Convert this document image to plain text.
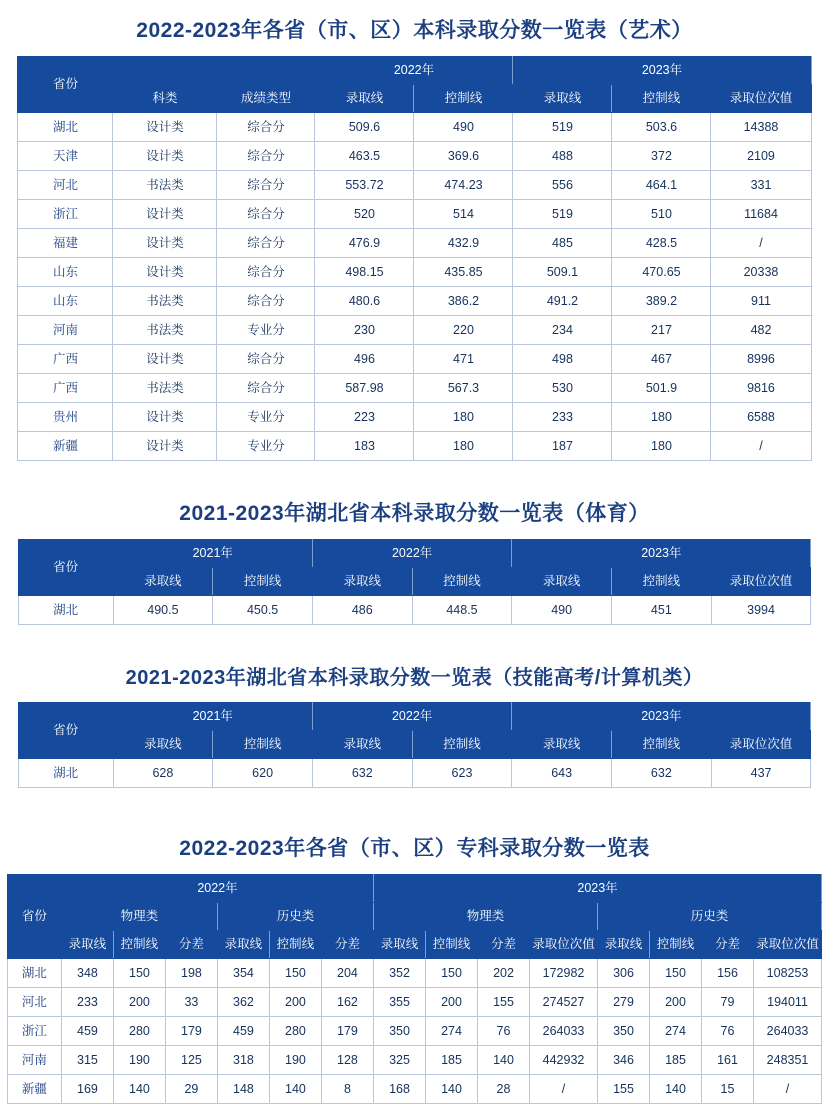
2022-2023年各省（市、区）本科录取分数一览表（艺术）
省份			2022年		2023年		
	科类	成绩类型	录取线	控制线	录取线	控制线	录取位次值
湖北	设计类	综合分	509.6	490	519	503.6	14388
天津	设计类	综合分	463.5	369.6	488	372	2109
河北	书法类	综合分	553.72	474.23	556	464.1	331
浙江	设计类	综合分	520	514	519	510	11684
福建	设计类	综合分	476.9	432.9	485	428.5	/
山东	设计类	综合分	498.15	435.85	509.1	470.65	20338
山东	书法类	综合分	480.6	386.2	491.2	389.2	911
河南	书法类	专业分	230	220	234	217	482
广西	设计类	综合分	496	471	498	467	8996
广西	书法类	综合分	587.98	567.3	530	501.9	9816
贵州	设计类	专业分	223	180	233	180	6588
新疆	设计类	专业分	183	180	187	180	/
2021-2023年湖北省本科录取分数一览表（体育）
省份	2021年		2022年		2023年		
	录取线	控制线	录取线	控制线	录取线	控制线	录取位次值
湖北	490.5	450.5	486	448.5	490	451	3994
2021-2023年湖北省本科录取分数一览表（技能高考/计算机类）
省份	2021年		2022年		2023年		
	录取线	控制线	录取线	控制线	录取线	控制线	录取位次值
湖北	628	620	632	623	643	632	437
2022-2023年各省（市、区）专科录取分数一览表
省份	2022年						2023年							
	物理类			历史类			物理类				历史类			
	录取线	控制线	分差	录取线	控制线	分差	录取线	控制线	分差	录取位次值	录取线	控制线	分差	录取位次值
湖北	348	150	198	354	150	204	352	150	202	172982	306	150	156	108253
河北	233	200	33	362	200	162	355	200	155	274527	279	200	79	194011
浙江	459	280	179	459	280	179	350	274	76	264033	350	274	76	264033
河南	315	190	125	318	190	128	325	185	140	442932	346	185	161	248351
新疆	169	140	29	148	140	8	168	140	28	/	155	140	15	/
